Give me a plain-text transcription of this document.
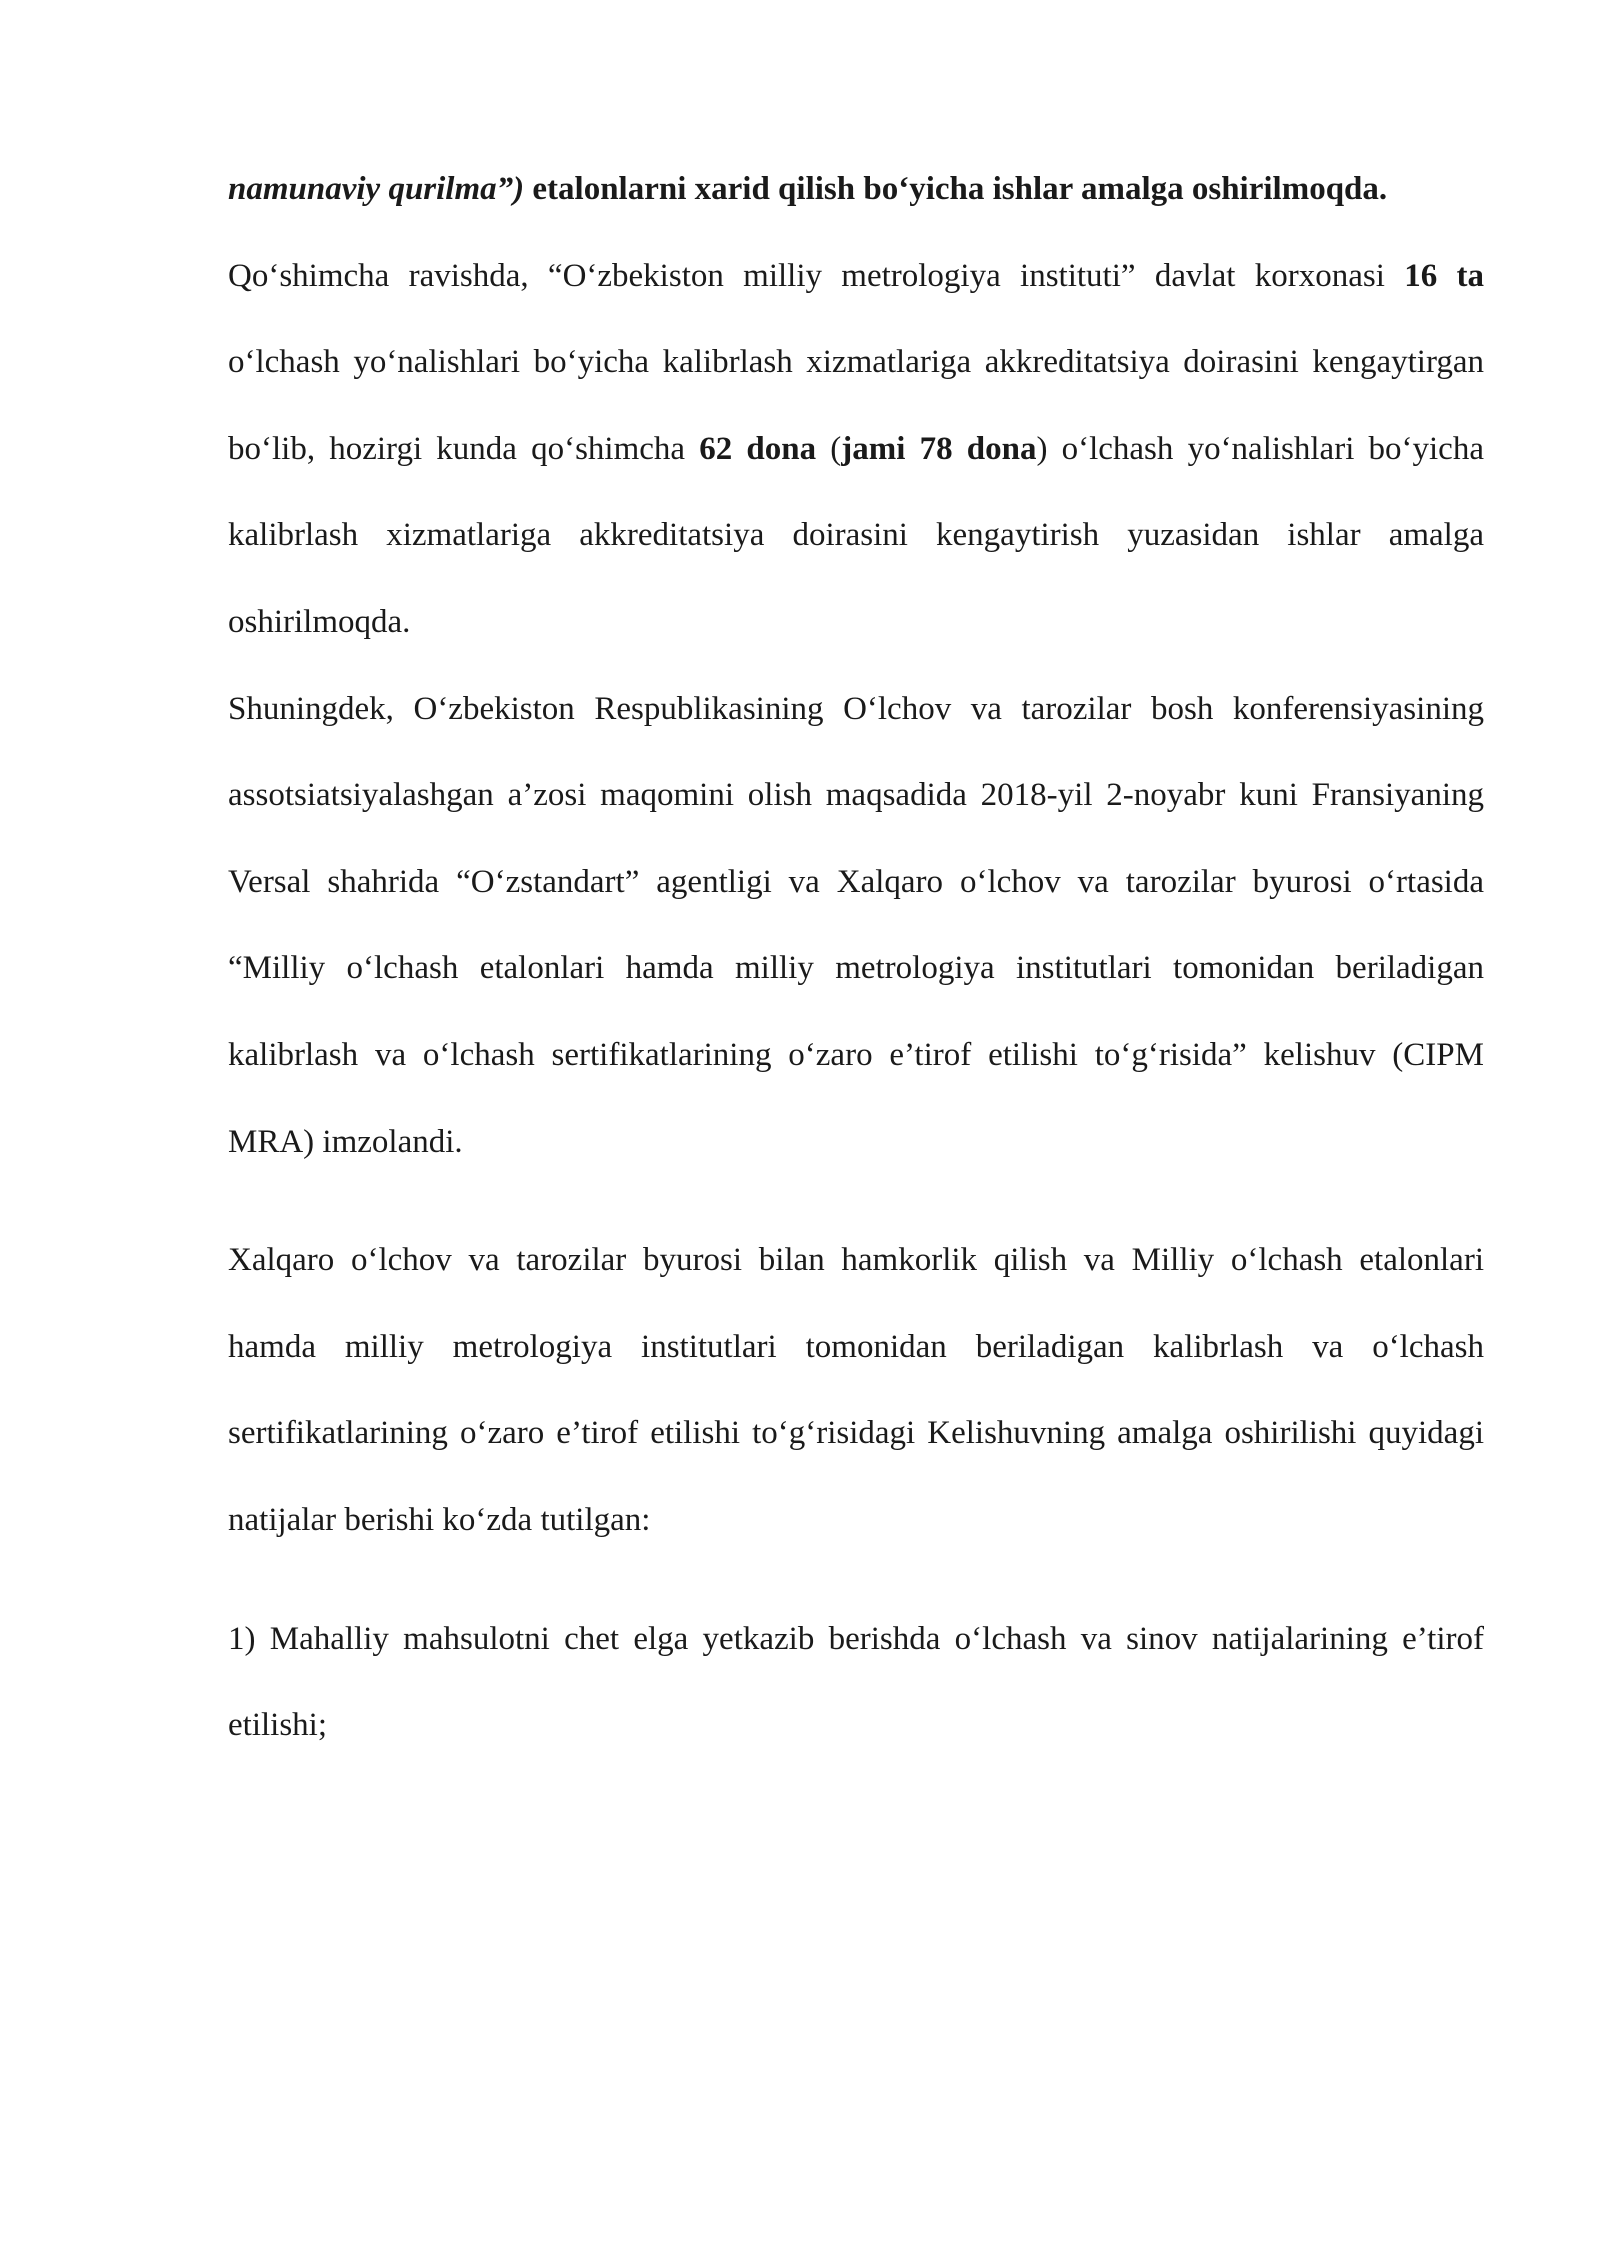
namunaviy qurilma”) etalonlarni xarid qilish bo‘yicha ishlar amalga oshirilmoqda.

Qo‘shimcha ravishda, “O‘zbekiston milliy metrologiya instituti” davlat korxonasi 16 ta o‘lchash yo‘nalishlari bo‘yicha kalibrlash xizmatlariga akkreditatsiya doirasini kengaytirgan bo‘lib, hozirgi kunda qo‘shimcha 62 dona (jami 78 dona) o‘lchash yo‘nalishlari bo‘yicha kalibrlash xizmatlariga akkreditatsiya doirasini kengaytirish yuzasidan ishlar amalga oshirilmoqda.

Shuningdek, O‘zbekiston Respublikasining O‘lchov va tarozilar bosh konferensiyasining assotsiatsiyalashgan a’zosi maqomini olish maqsadida 2018-yil 2-noyabr kuni Fransiyaning Versal shahrida “O‘zstandart” agentligi va Xalqaro o‘lchov va tarozilar byurosi o‘rtasida “Milliy o‘lchash etalonlari hamda milliy metrologiya institutlari tomonidan beriladigan kalibrlash va o‘lchash sertifikatlarining o‘zaro e’tirof etilishi to‘g‘risida” kelishuv (CIPM MRA) imzolandi.

Xalqaro o‘lchov va tarozilar byurosi bilan hamkorlik qilish va Milliy o‘lchash etalonlari hamda milliy metrologiya institutlari tomonidan beriladigan kalibrlash va o‘lchash sertifikatlarining o‘zaro e’tirof etilishi to‘g‘risidagi Kelishuvning amalga oshirilishi quyidagi natijalar berishi ko‘zda tutilgan:

1) Mahalliy mahsulotni chet elga yetkazib berishda o‘lchash va sinov natijalarining e’tirof etilishi;
